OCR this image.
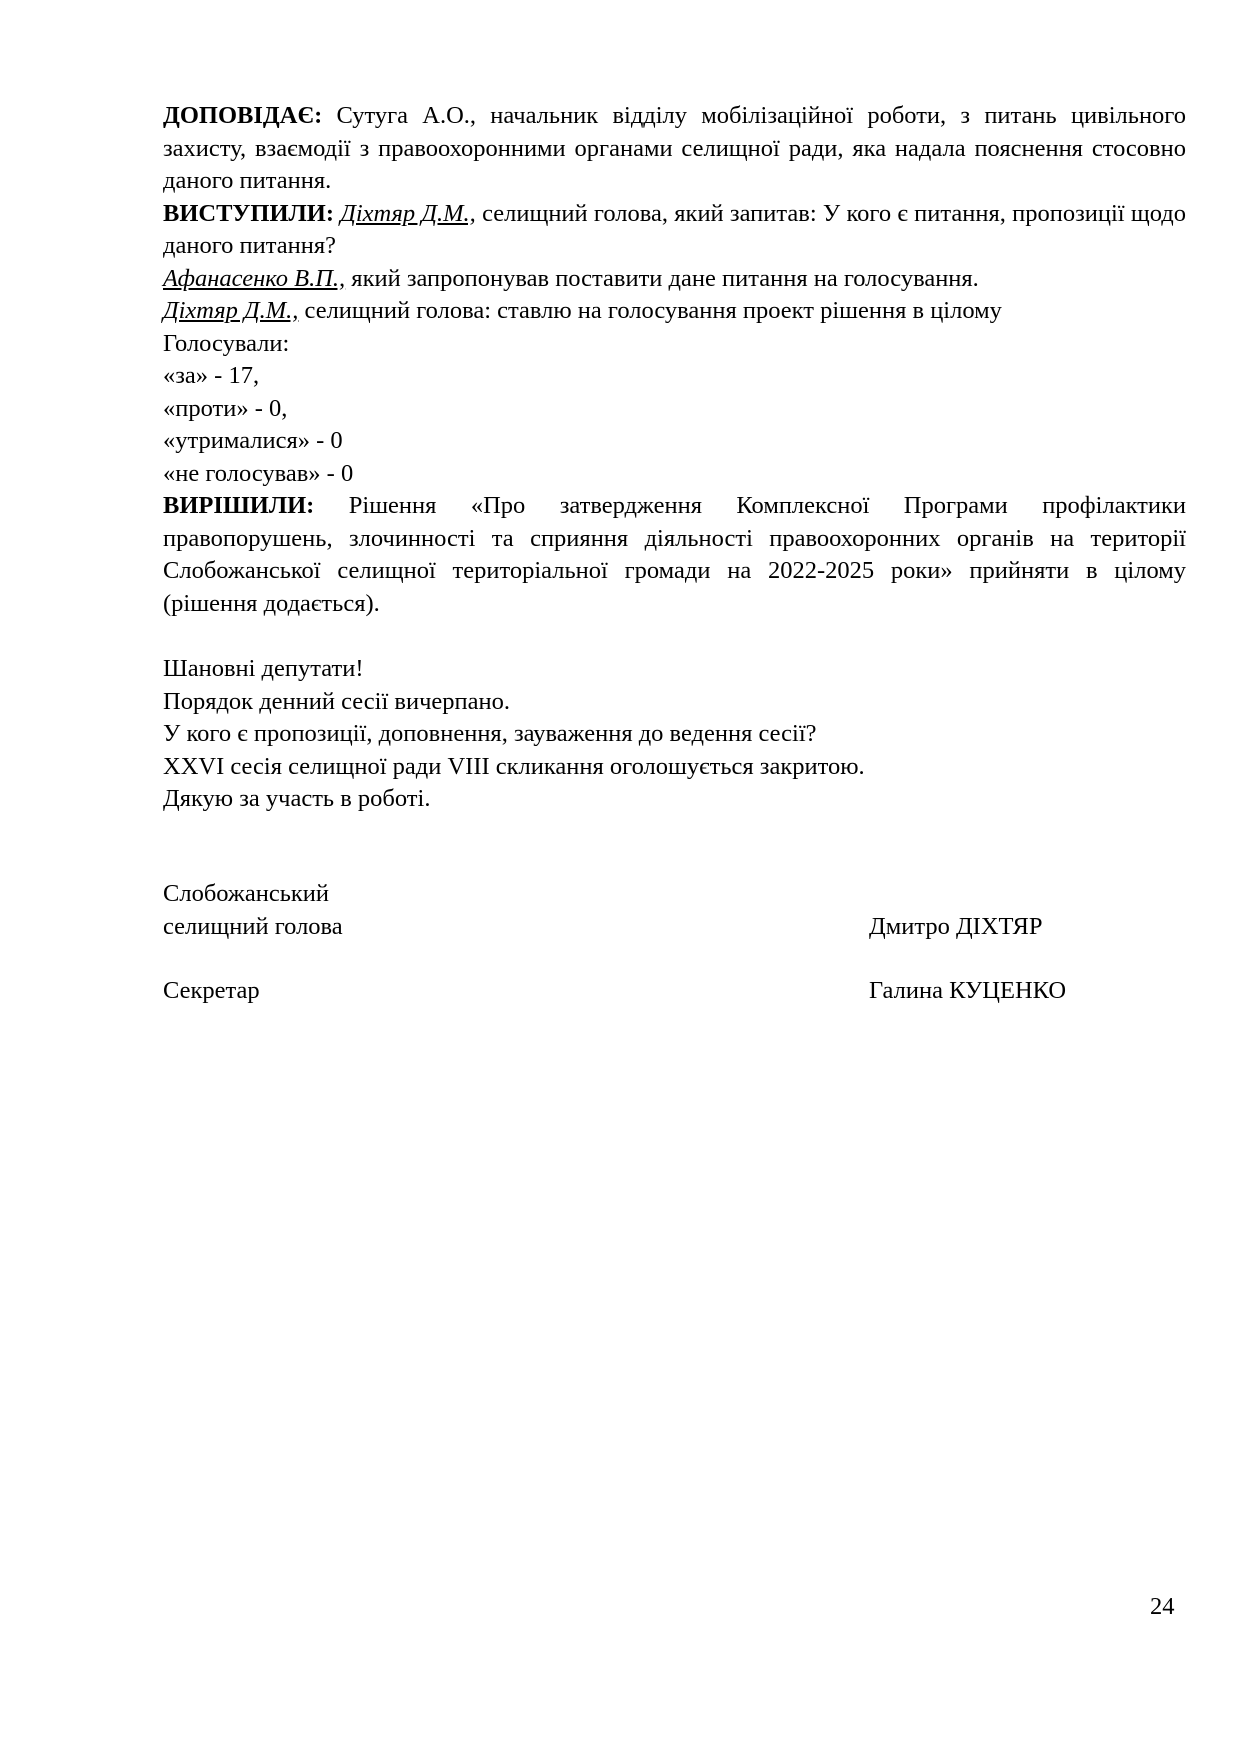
ДОПОВІДАЄ: Сутуга А.О., начальник відділу мобілізаційної роботи, з питань цивільного захисту, взаємодії з правоохоронними органами селищної ради, яка надала пояснення стосовно даного питання.

ВИСТУПИЛИ: Діхтяр Д.М., селищний голова, який запитав: У кого є питання, пропозиції щодо даного питання?

Афанасенко В.П., який запропонував поставити дане питання на голосування.

Діхтяр Д.М., селищний голова: ставлю на голосування проект рішення в цілому

Голосували:

«за» - 17,

«проти» - 0,

«утрималися» - 0

«не голосував» - 0

ВИРІШИЛИ: Рішення «Про затвердження Комплексної Програми профілактики правопорушень, злочинності та сприяння діяльності правоохоронних органів на території Слобожанської селищної територіальної громади на 2022-2025 роки» прийняти в цілому (рішення додається).

Шановні депутати!

Порядок денний сесії вичерпано.

У кого є пропозиції, доповнення, зауваження до ведення сесії?

XXVI сесія селищної ради VIII скликання оголошується закритою.

Дякую за участь в роботі.

Слобожанський
селищний голова	Дмитро ДІХТЯР
Секретар	Галина КУЦЕНКО
24
